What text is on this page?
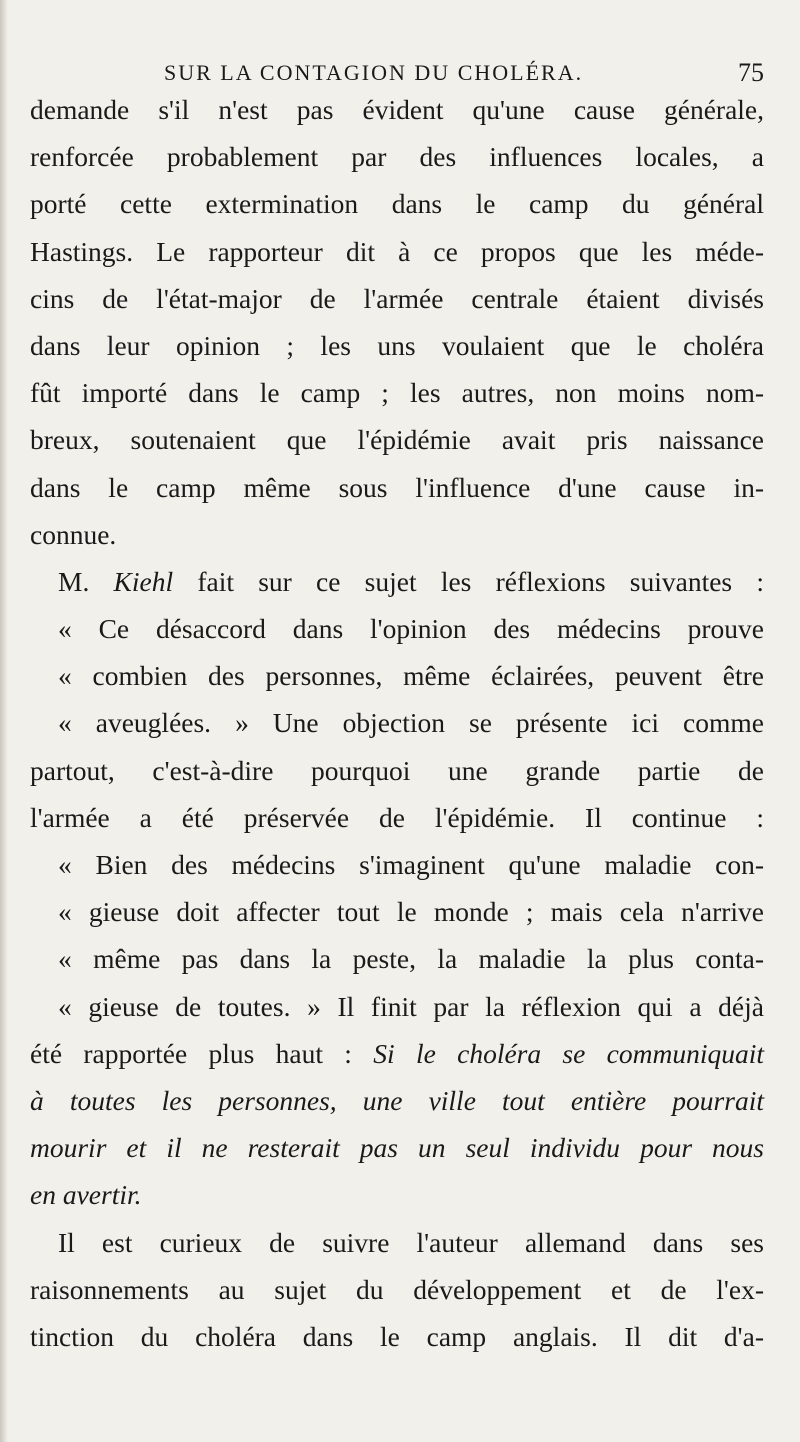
SUR LA CONTAGION DU CHOLÉRA.	75
demande s'il n'est pas évident qu'une cause générale,
renforcée probablement par des influences locales, a
porté cette extermination dans le camp du général
Hastings. Le rapporteur dit à ce propos que les méde-
cins de l'état-major de l'armée centrale étaient divisés
dans leur opinion ; les uns voulaient que le choléra
fût importé dans le camp ; les autres, non moins nom-
breux, soutenaient que l'épidémie avait pris naissance
dans le camp même sous l'influence d'une cause in-
connue.
M. Kiehl fait sur ce sujet les réflexions suivantes :
« Ce désaccord dans l'opinion des médecins prouve
« combien des personnes, même éclairées, peuvent être
« aveuglées. » Une objection se présente ici comme
partout, c'est-à-dire pourquoi une grande partie de
l'armée a été préservée de l'épidémie. Il continue :
« Bien des médecins s'imaginent qu'une maladie con-
« gieuse doit affecter tout le monde ; mais cela n'arrive
« même pas dans la peste, la maladie la plus conta-
« gieuse de toutes. » Il finit par la réflexion qui a déjà
été rapportée plus haut : Si le choléra se communiquait
à toutes les personnes, une ville tout entière pourrait
mourir et il ne resterait pas un seul individu pour nous
en avertir.
Il est curieux de suivre l'auteur allemand dans ses
raisonnements au sujet du développement et de l'ex-
tinction du choléra dans le camp anglais. Il dit d'a-
